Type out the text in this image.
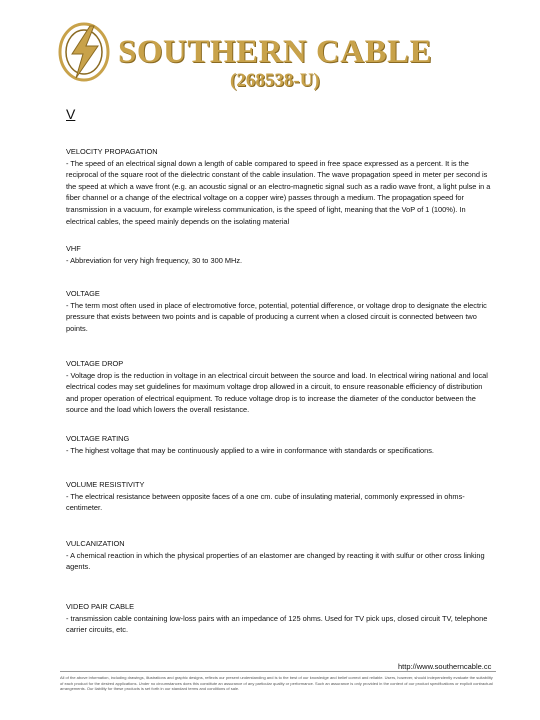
SOUTHERN CABLE
(268538-U)
V

VELOCITY PROPAGATION

- The speed of an electrical signal down a length of cable compared to speed in free space expressed as a percent. It is the reciprocal of the square root of the dielectric constant of the cable insulation. The wave propagation speed in meter per second is the speed at which a wave front (e.g. an acoustic signal or an electro-magnetic signal such as a radio wave front, a light pulse in a fiber channel or a change of the electrical voltage on a copper wire) passes through a medium. The propagation speed for transmission in a vacuum, for example wireless communication, is the speed of light, meaning that the VoP of 1 (100%). In electrical cables, the speed mainly depends on the isolating material

VHF

- Abbreviation for very high frequency, 30 to 300 MHz.

VOLTAGE

- The term most often used in place of electromotive force, potential, potential difference, or voltage drop to designate the electric pressure that exists between two points and is capable of producing a current when a closed circuit is connected between two points.

VOLTAGE DROP

- Voltage drop is the reduction in voltage in an electrical circuit between the source and load. In electrical wiring national and local electrical codes may set guidelines for maximum voltage drop allowed in a circuit, to ensure reasonable efficiency of distribution and proper operation of electrical equipment. To reduce voltage drop is to increase the diameter of the conductor between the source and the load which lowers the overall resistance.

VOLTAGE RATING

- The highest voltage that may be continuously applied to a wire in conformance with standards or specifications.

VOLUME RESISTIVITY

- The electrical resistance between opposite faces of a one cm. cube of insulating material, commonly expressed in ohms-centimeter.

VULCANIZATION

- A chemical reaction in which the physical properties of an elastomer are changed by reacting it with sulfur or other cross linking agents.

VIDEO PAIR CABLE

- transmission cable containing low-loss pairs with an impedance of 125 ohms. Used for TV pick ups, closed circuit TV, telephone carrier circuits, etc.

http://www.southerncable.cc
All of the above information, including drawings, illustrations and graphic designs, reflects our present understanding and is to the best of our knowledge and belief correct and reliable. Users, however, should independently evaluate the suitability of each product for the desired applications. Under no circumstances does this constitute an assurance of any particular quality or performance. Such an assurance is only provided in the context of our product specifications or explicit contractual arrangements. Our liability for these products is set forth in our standard terms and conditions of sale.
